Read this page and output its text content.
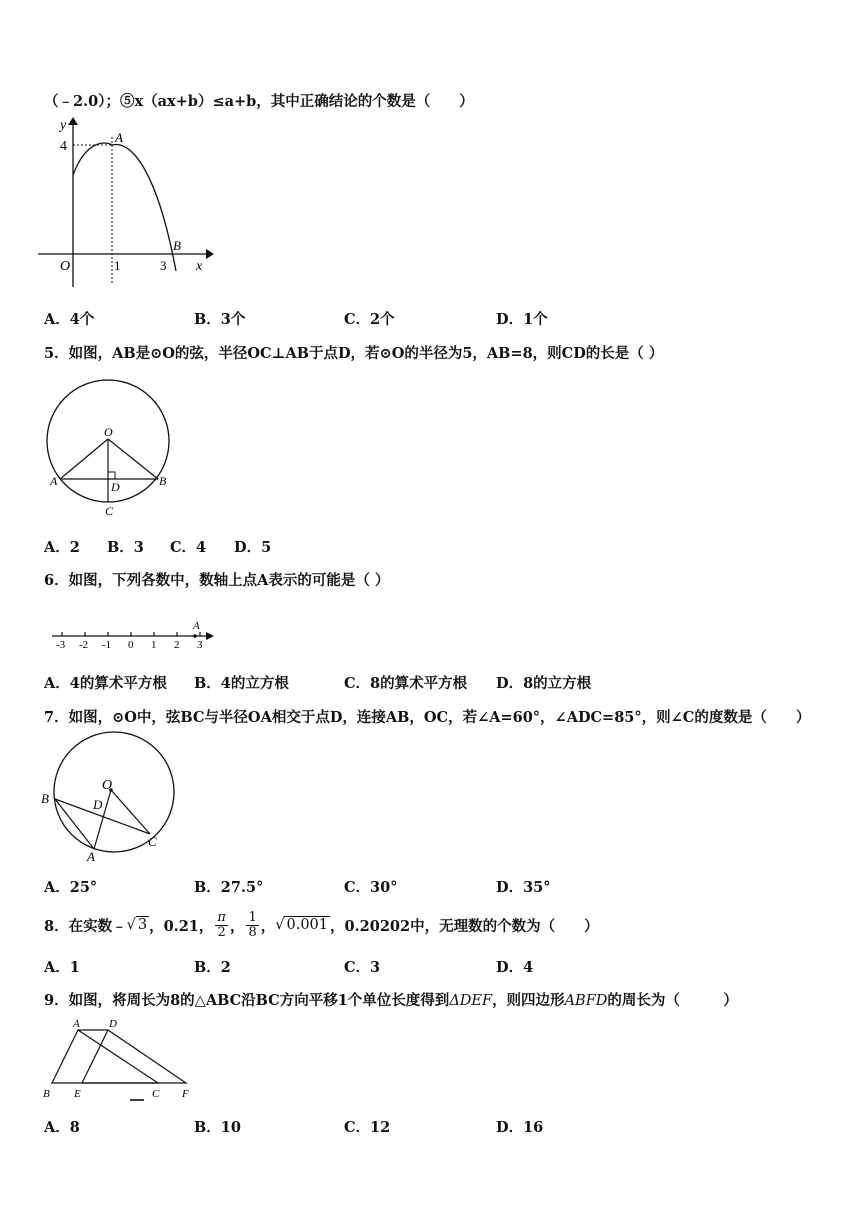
（﹣2.0）；⑤x（ax+b）≤a+b，其中正确结论的个数是（　　）
y
4
A
O	1	3
B
x
A．4个	B．3个	C．2个	D．1个
5．如图，AB是⊙O的弦，半径OC⊥AB于点D，若⊙O的半径为5，AB=8，则CD的长是（ ）
O
A	B
D
C
A．2 B．3 C．4 D．5
6．如图，下列各数中，数轴上点A表示的可能是（ ）
-3 -2 -1 0 1 2 3
A
A．4的算术平方根 B．4的立方根	C．8的算术平方根 D．8的立方根
7．如图，⊙O中，弦BC与半径OA相交于点D，连接AB，OC，若∠A=60°，∠ADC=85°，则∠C的度数是（　　）
O
B	D
C
A
A．25°	B．27.5°	C．30°	D．35°
8．在实数﹣ √ 3 ，0.21， $\frac{\pi}{2}$ ， $\frac{1}{8}$ ， √ 0.001 ，0.20202中，无理数的个数为（　　）
A．1	B．2	C．3	D．4
9．如图，将周长为8的△ABC沿BC方向平移1个单位长度得到ΔDEF，则四边形ABFD的周长为（　　　）
A	D
B E	C F
A．8	B．10	C．12	D．16
